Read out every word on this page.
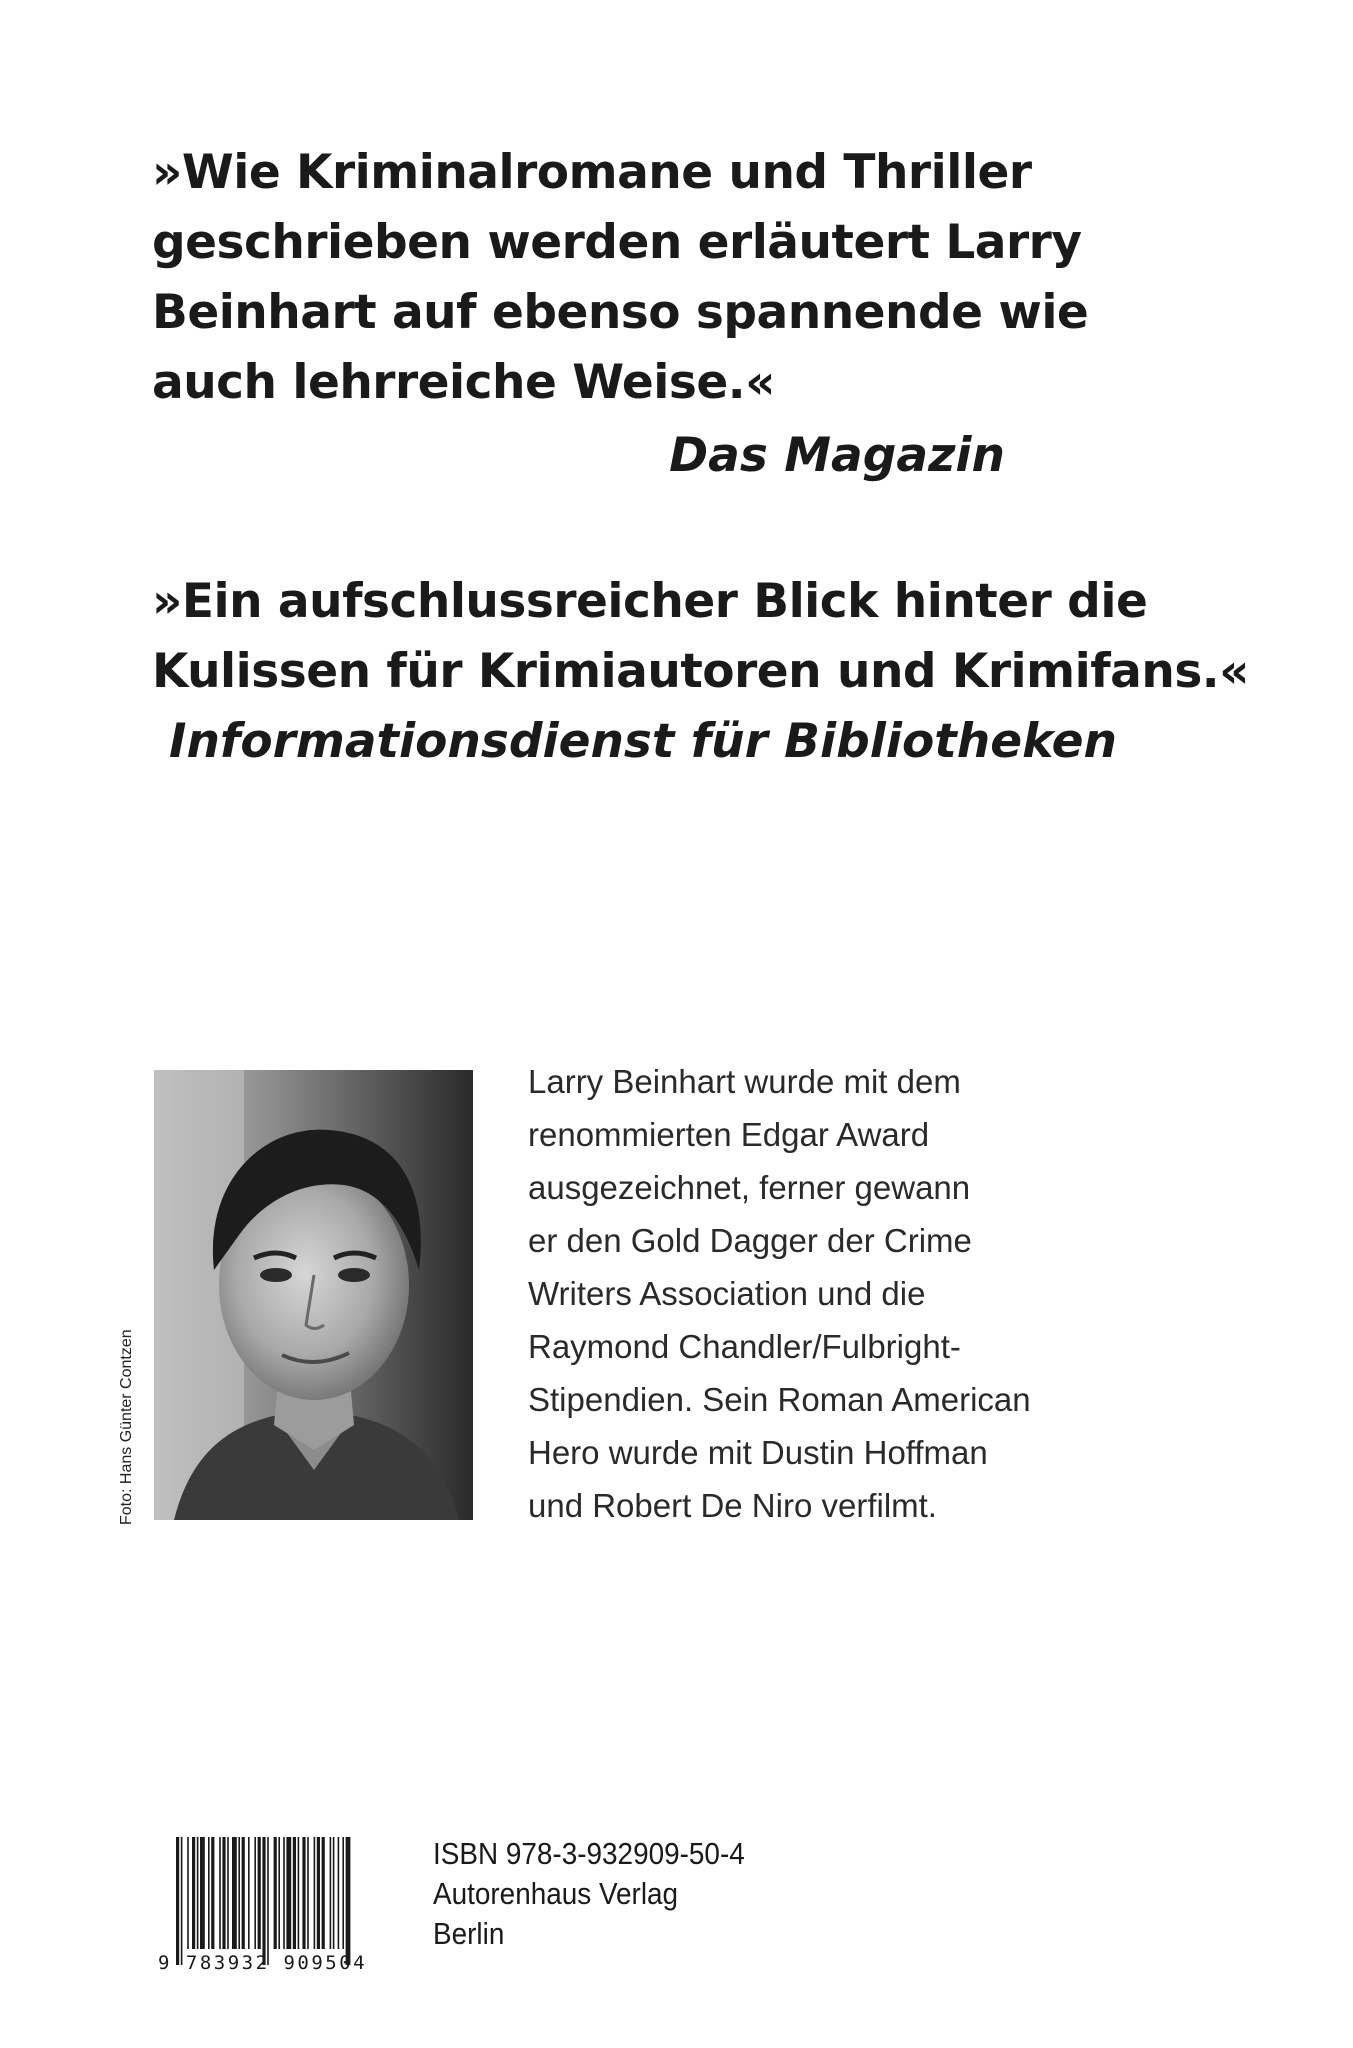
»Wie Kriminalromane und Thriller
geschrieben werden erläutert Larry
Beinhart auf ebenso spannende wie
auch lehrreiche Weise.«
Das Magazin
»Ein aufschlussreicher Blick hinter die
Kulissen für Krimiautoren und Krimifans.«
Informationsdienst für Bibliotheken
Foto: Hans Günter Contzen
Larry Beinhart wurde mit dem
renommierten Edgar Award
ausgezeichnet, ferner gewann
er den Gold Dagger der Crime
Writers Association und die
Raymond Chandler/Fulbright-
Stipendien. Sein Roman American
Hero wurde mit Dustin Hoffman
und Robert De Niro verfilmt.
9 783932 909504
ISBN 978-3-932909-50-4
Autorenhaus Verlag
Berlin
